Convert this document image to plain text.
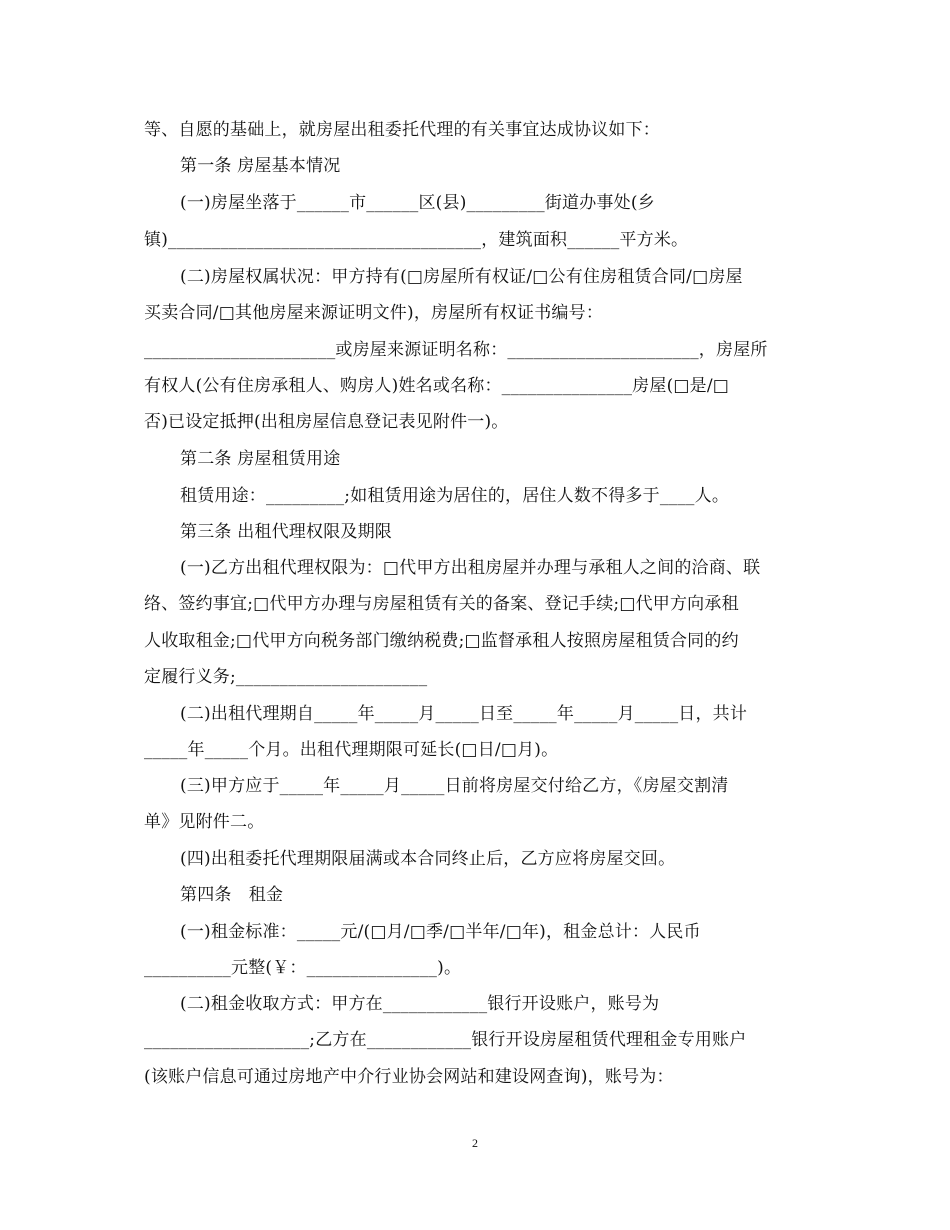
等、自愿的基础上，就房屋出租委托代理的有关事宜达成协议如下：
第一条 房屋基本情况
(一)房屋坐落于______市______区(县)_________街道办事处(乡
镇)____________________________________，建筑面积______平方米。
(二)房屋权属状况：甲方持有(□房屋所有权证/□公有住房租赁合同/□房屋
买卖合同/□其他房屋来源证明文件)，房屋所有权证书编号：
______________________或房屋来源证明名称：______________________，房屋所
有权人(公有住房承租人、购房人)姓名或名称：_______________房屋(□是/□
否)已设定抵押(出租房屋信息登记表见附件一)。
第二条 房屋租赁用途
租赁用途：_________;如租赁用途为居住的，居住人数不得多于____人。
第三条 出租代理权限及期限
(一)乙方出租代理权限为：□代甲方出租房屋并办理与承租人之间的洽商、联
络、签约事宜;□代甲方办理与房屋租赁有关的备案、登记手续;□代甲方向承租
人收取租金;□代甲方向税务部门缴纳税费;□监督承租人按照房屋租赁合同的约
定履行义务;______________________
(二)出租代理期自_____年_____月_____日至_____年_____月_____日，共计
_____年_____个月。出租代理期限可延长(□日/□月)。
(三)甲方应于_____年_____月_____日前将房屋交付给乙方，《房屋交割清
单》见附件二。
(四)出租委托代理期限届满或本合同终止后，乙方应将房屋交回。
第四条　租金
(一)租金标准：_____元/(□月/□季/□半年/□年)，租金总计：人民币
__________元整(￥：_______________)。
(二)租金收取方式：甲方在____________银行开设账户，账号为
___________________;乙方在____________银行开设房屋租赁代理租金专用账户
(该账户信息可通过房地产中介行业协会网站和建设网查询)，账号为：
2
